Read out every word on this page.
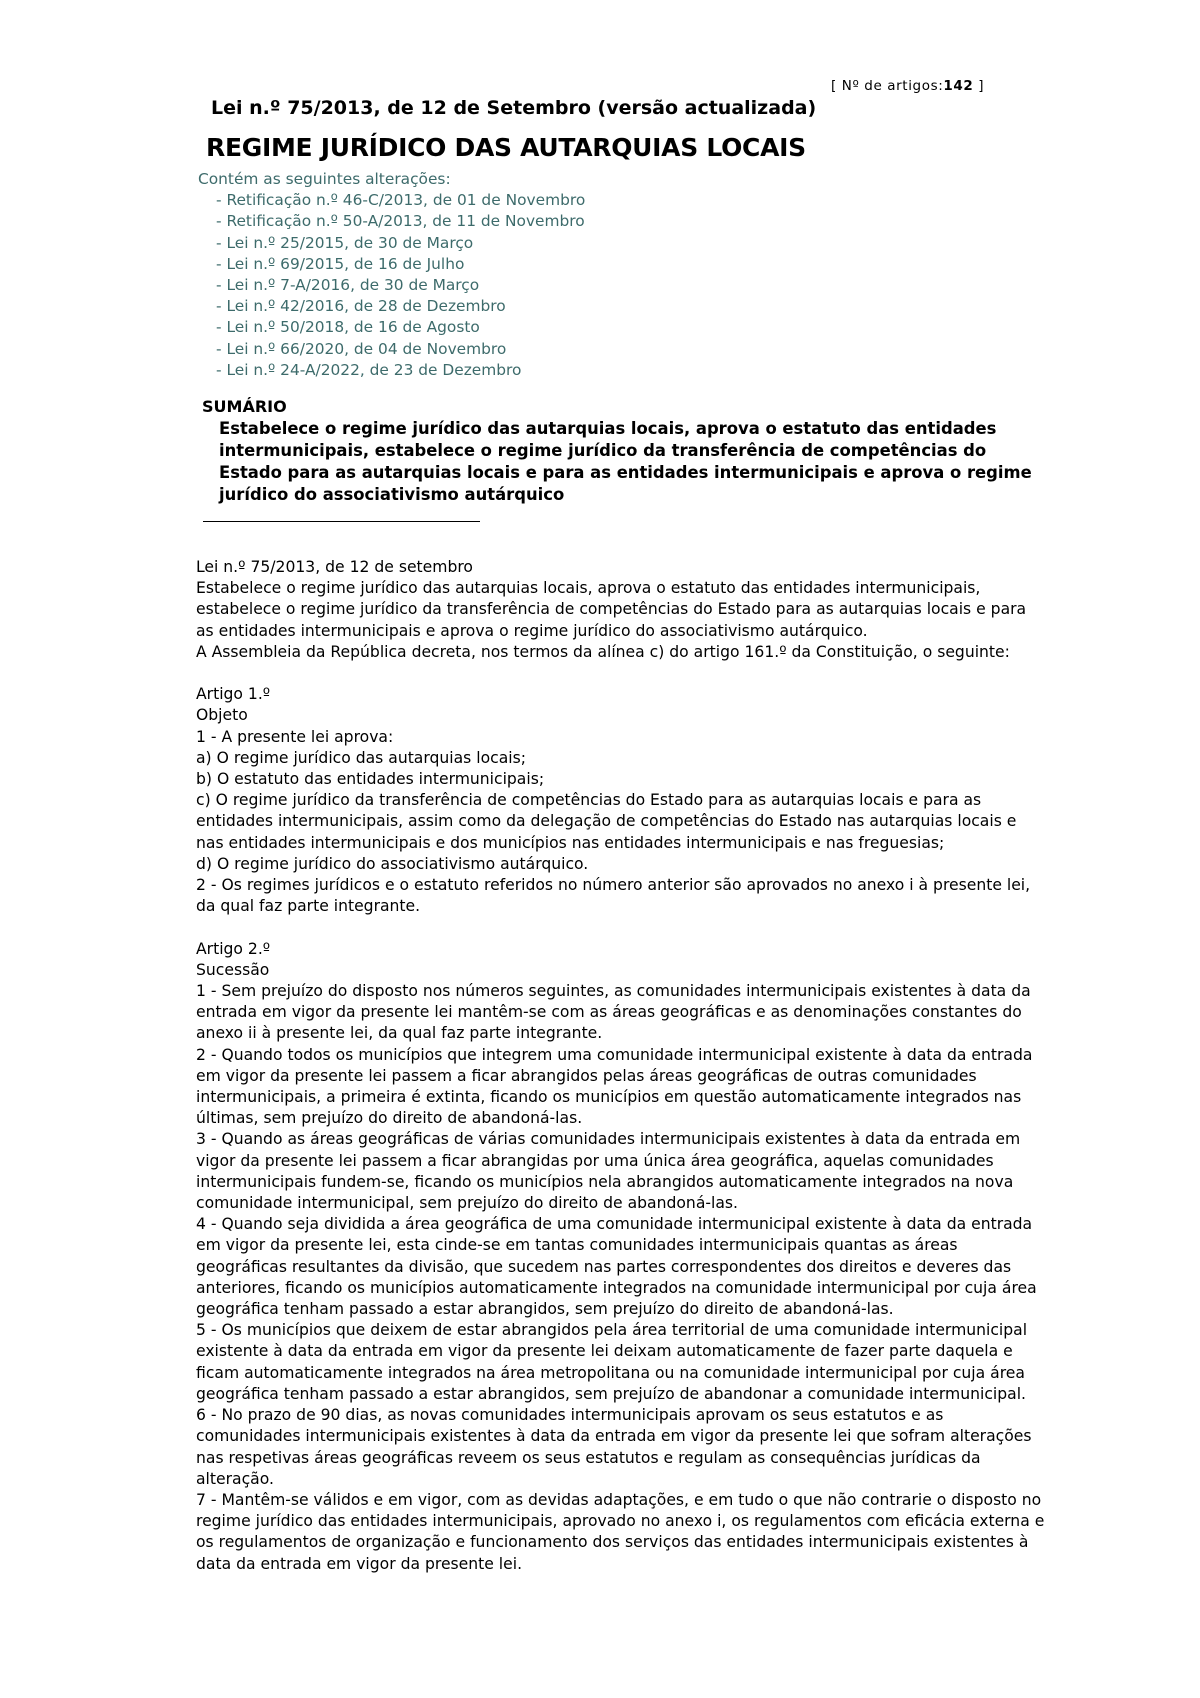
[ Nº de artigos:142 ]
Lei n.º 75/2013, de 12 de Setembro (versão actualizada)
REGIME JURÍDICO DAS AUTARQUIAS LOCAIS
Contém as seguintes alterações:
- Retificação n.º 46-C/2013, de 01 de Novembro
- Retificação n.º 50-A/2013, de 11 de Novembro
- Lei n.º 25/2015, de 30 de Março
- Lei n.º 69/2015, de 16 de Julho
- Lei n.º 7-A/2016, de 30 de Março
- Lei n.º 42/2016, de 28 de Dezembro
- Lei n.º 50/2018, de 16 de Agosto
- Lei n.º 66/2020, de 04 de Novembro
- Lei n.º 24-A/2022, de 23 de Dezembro
SUMÁRIO
Estabelece o regime jurídico das autarquias locais, aprova o estatuto das entidades intermunicipais, estabelece o regime jurídico da transferência de competências do Estado para as autarquias locais e para as entidades intermunicipais e aprova o regime jurídico do associativismo autárquico

Lei n.º 75/2013, de 12 de setembro

Estabelece o regime jurídico das autarquias locais, aprova o estatuto das entidades intermunicipais, estabelece o regime jurídico da transferência de competências do Estado para as autarquias locais e para as entidades intermunicipais e aprova o regime jurídico do associativismo autárquico.

A Assembleia da República decreta, nos termos da alínea c) do artigo 161.º da Constituição, o seguinte:

Artigo 1.º

Objeto

1 - A presente lei aprova:

a) O regime jurídico das autarquias locais;

b) O estatuto das entidades intermunicipais;

c) O regime jurídico da transferência de competências do Estado para as autarquias locais e para as entidades intermunicipais, assim como da delegação de competências do Estado nas autarquias locais e nas entidades intermunicipais e dos municípios nas entidades intermunicipais e nas freguesias;

d) O regime jurídico do associativismo autárquico.

2 - Os regimes jurídicos e o estatuto referidos no número anterior são aprovados no anexo i à presente lei, da qual faz parte integrante.

Artigo 2.º

Sucessão

1 - Sem prejuízo do disposto nos números seguintes, as comunidades intermunicipais existentes à data da entrada em vigor da presente lei mantêm-se com as áreas geográficas e as denominações constantes do anexo ii à presente lei, da qual faz parte integrante.

2 - Quando todos os municípios que integrem uma comunidade intermunicipal existente à data da entrada em vigor da presente lei passem a ficar abrangidos pelas áreas geográficas de outras comunidades intermunicipais, a primeira é extinta, ficando os municípios em questão automaticamente integrados nas últimas, sem prejuízo do direito de abandoná-las.

3 - Quando as áreas geográficas de várias comunidades intermunicipais existentes à data da entrada em vigor da presente lei passem a ficar abrangidas por uma única área geográfica, aquelas comunidades intermunicipais fundem-se, ficando os municípios nela abrangidos automaticamente integrados na nova comunidade intermunicipal, sem prejuízo do direito de abandoná-las.

4 - Quando seja dividida a área geográfica de uma comunidade intermunicipal existente à data da entrada em vigor da presente lei, esta cinde-se em tantas comunidades intermunicipais quantas as áreas geográficas resultantes da divisão, que sucedem nas partes correspondentes dos direitos e deveres das anteriores, ficando os municípios automaticamente integrados na comunidade intermunicipal por cuja área geográfica tenham passado a estar abrangidos, sem prejuízo do direito de abandoná-las.

5 - Os municípios que deixem de estar abrangidos pela área territorial de uma comunidade intermunicipal existente à data da entrada em vigor da presente lei deixam automaticamente de fazer parte daquela e ficam automaticamente integrados na área metropolitana ou na comunidade intermunicipal por cuja área geográfica tenham passado a estar abrangidos, sem prejuízo de abandonar a comunidade intermunicipal.

6 - No prazo de 90 dias, as novas comunidades intermunicipais aprovam os seus estatutos e as comunidades intermunicipais existentes à data da entrada em vigor da presente lei que sofram alterações nas respetivas áreas geográficas reveem os seus estatutos e regulam as consequências jurídicas da alteração.

7 - Mantêm-se válidos e em vigor, com as devidas adaptações, e em tudo o que não contrarie o disposto no regime jurídico das entidades intermunicipais, aprovado no anexo i, os regulamentos com eficácia externa e os regulamentos de organização e funcionamento dos serviços das entidades intermunicipais existentes à data da entrada em vigor da presente lei.
